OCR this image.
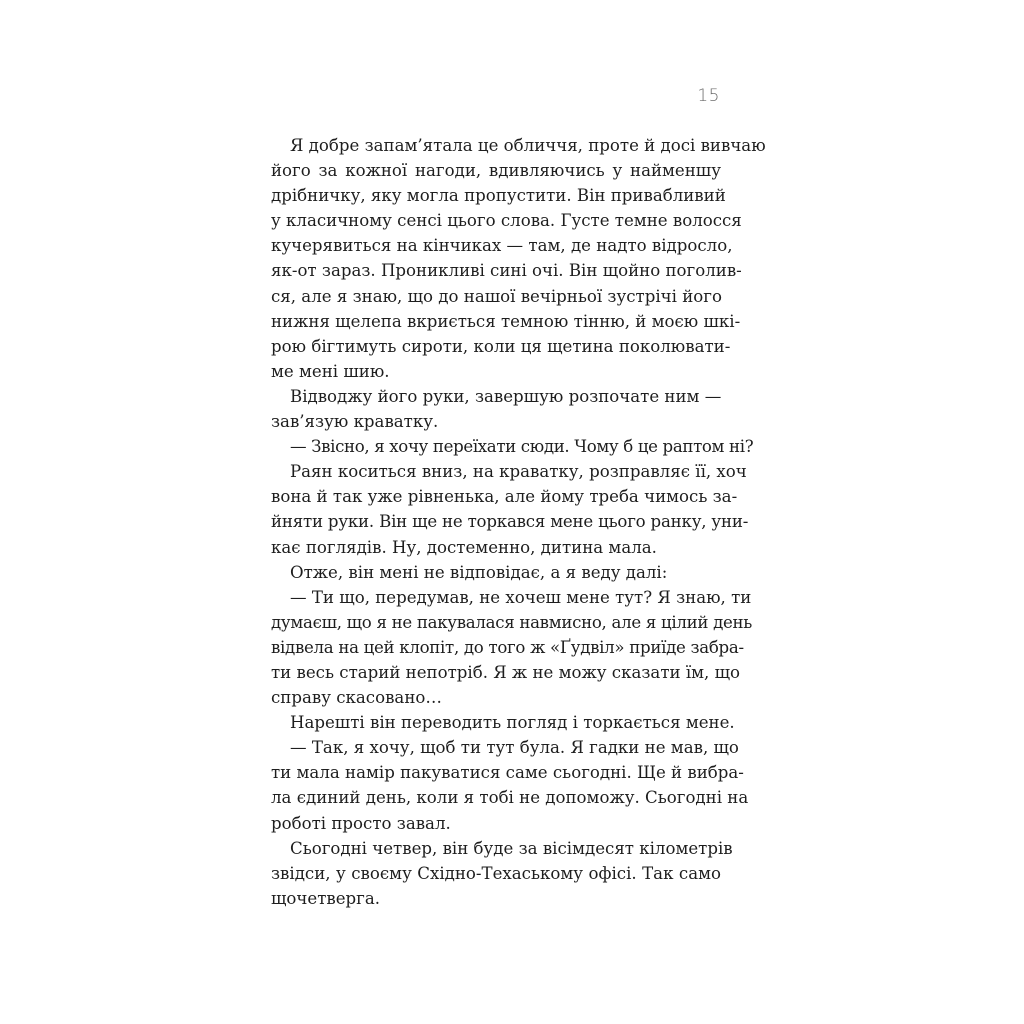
15
Я добре запам’ятала це обличчя, проте й досі вивчаю
його за кожної нагоди, вдивляючись у найменшу
дрібничку, яку могла пропустити. Він привабливий
у класичному сенсі цього слова. Густе темне волосся
кучерявиться на кінчиках — там, де надто відросло,
як-от зараз. Проникливі сині очі. Він щойно поголив-
ся, але я знаю, що до нашої вечірньої зустрічі його
нижня щелепа вкриється темною тінню, й моєю шкі-
рою бігтимуть сироти, коли ця щетина поколювати-
ме мені шию.
Відводжу його руки, завершую розпочате ним —
зав’язую краватку.
— Звісно, я хочу переїхати сюди. Чому б це раптом ні?
Раян коситься вниз, на краватку, розправляє її, хоч
вона й так уже рівненька, але йому треба чимось за-
йняти руки. Він ще не торкався мене цього ранку, уни-
кає поглядів. Ну, достеменно, дитина мала.
Отже, він мені не відповідає, а я веду далі:
— Ти що, передумав, не хочеш мене тут? Я знаю, ти
думаєш, що я не пакувалася навмисно, але я цілий день
відвела на цей клопіт, до того ж «Ґудвіл» приїде забра-
ти весь старий непотріб. Я ж не можу сказати їм, що
справу скасовано…
Нарешті він переводить погляд і торкається мене.
— Так, я хочу, щоб ти тут була. Я гадки не мав, що
ти мала намір пакуватися саме сьогодні. Ще й вибра-
ла єдиний день, коли я тобі не допоможу. Сьогодні на
роботі просто завал.
Сьогодні четвер, він буде за вісімдесят кілометрів
звідси, у своєму Східно-Техаському офісі. Так само
щочетверга.
